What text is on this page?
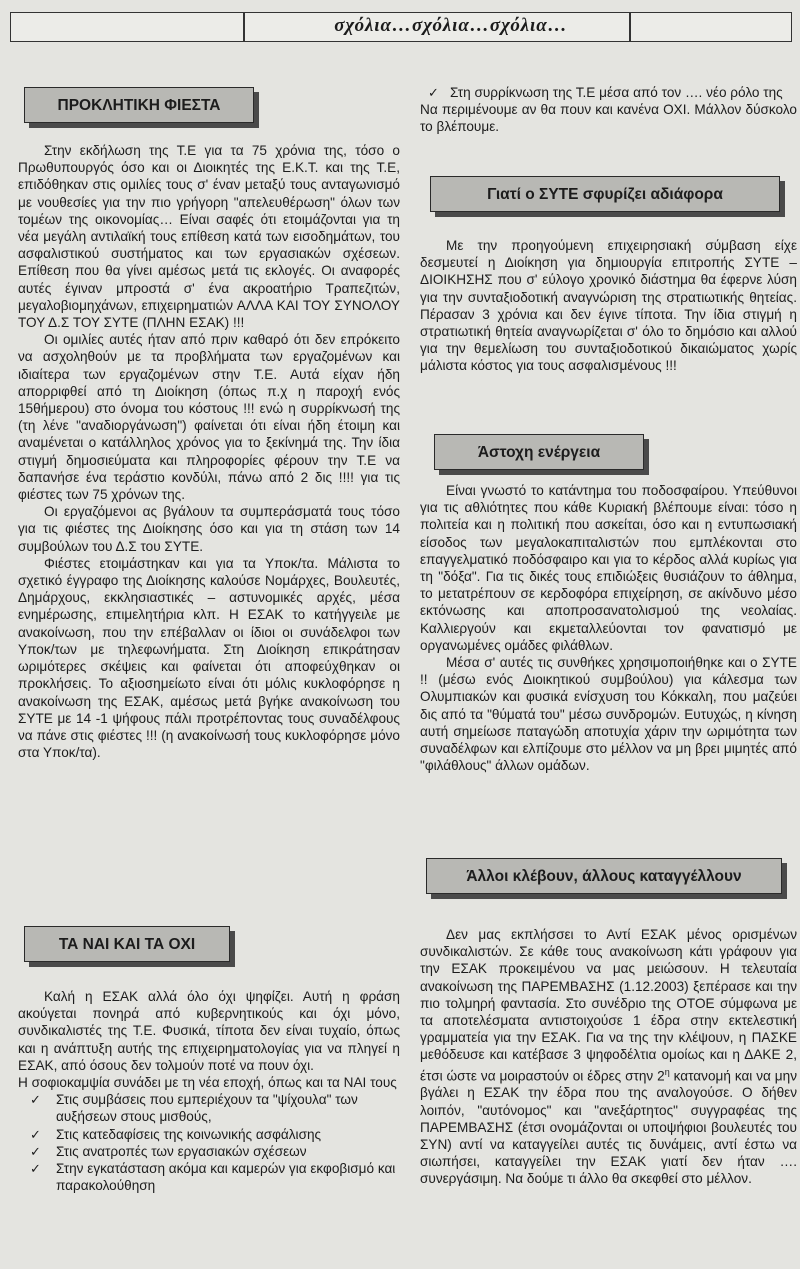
σχόλια…σχόλια…σχόλια…
ΠΡΟΚΛΗΤΙΚΗ ΦΙΕΣΤΑ

Στην εκδήλωση της Τ.Ε για τα 75 χρόνια της, τόσο ο Πρωθυπουργός όσο και οι Διοικητές της Ε.Κ.Τ. και της Τ.Ε, επιδόθηκαν στις ομιλίες τους σ' έναν μεταξύ τους ανταγωνισμό με νουθεσίες για την πιο γρήγορη "απελευθέρωση" όλων των τομέων της οικονομίας… Είναι σαφές ότι ετοιμάζονται για τη νέα μεγάλη αντιλαϊκή τους επίθεση κατά των εισοδημάτων, του ασφαλιστικού συστήματος και των εργασιακών σχέσεων. Επίθεση που θα γίνει αμέσως μετά τις εκλογές. Οι αναφορές αυτές έγιναν μπροστά σ' ένα ακροατήριο Τραπεζιτών, μεγαλοβιομηχάνων, επιχειρηματιών ΑΛΛΑ ΚΑΙ ΤΟΥ ΣΥΝΟΛΟΥ ΤΟΥ Δ.Σ ΤΟΥ ΣΥΤΕ (ΠΛΗΝ ΕΣΑΚ) !!!

Οι ομιλίες αυτές ήταν από πριν καθαρό ότι δεν επρόκειτο να ασχοληθούν με τα προβλήματα των εργαζομένων και ιδιαίτερα των εργαζομένων στην Τ.Ε. Αυτά είχαν ήδη απορριφθεί από τη Διοίκηση (όπως π.χ η παροχή ενός 15θήμερου) στο όνομα του κόστους !!! ενώ η συρρίκνωσή της (τη λένε "αναδιοργάνωση") φαίνεται ότι είναι ήδη έτοιμη και αναμένεται ο κατάλληλος χρόνος για το ξεκίνημά της. Την ίδια στιγμή δημοσιεύματα και πληροφορίες φέρουν την Τ.Ε να δαπανήσε ένα τεράστιο κονδύλι, πάνω από 2 δις !!!! για τις φιέστες των 75 χρόνων της.

Οι εργαζόμενοι ας βγάλουν τα συμπεράσματά τους τόσο για τις φιέστες της Διοίκησης όσο και για τη στάση των 14 συμβούλων του Δ.Σ του ΣΥΤΕ.

Φιέστες ετοιμάστηκαν και για τα Υποκ/τα. Μάλιστα το σχετικό έγγραφο της Διοίκησης καλούσε Νομάρχες, Βουλευτές, Δημάρχους, εκκλησιαστικές – αστυνομικές αρχές, μέσα ενημέρωσης, επιμελητήρια κλπ. Η ΕΣΑΚ το κατήγγειλε με ανακοίνωση, που την επέβαλλαν οι ίδιοι οι συνάδελφοι των Υποκ/των με τηλεφωνήματα. Στη Διοίκηση επικράτησαν ωριμότερες σκέψεις και φαίνεται ότι αποφεύχθηκαν οι προκλήσεις. Το αξιοσημείωτο είναι ότι μόλις κυκλοφόρησε η ανακοίνωση της ΕΣΑΚ, αμέσως μετά βγήκε ανακοίνωση του ΣΥΤΕ με 14 -1 ψήφους πάλι προτρέποντας τους συναδέλφους να πάνε στις φιέστες !!! (η ανακοίνωσή τους κυκλοφόρησε μόνο στα Υποκ/τα).

ΤΑ ΝΑΙ ΚΑΙ ΤΑ ΟΧΙ

Καλή η ΕΣΑΚ αλλά όλο όχι ψηφίζει. Αυτή η φράση ακούγεται πονηρά από κυβερνητικούς και όχι μόνο, συνδικαλιστές της Τ.Ε. Φυσικά, τίποτα δεν είναι τυχαίο, όπως και η ανάπτυξη αυτής της επιχειρηματολογίας για να πληγεί η ΕΣΑΚ, από όσους δεν τολμούν ποτέ να πουν όχι.

Η σοφιοκαμψία συνάδει με τη νέα εποχή, όπως και τα ΝΑΙ τους

✓ Στις συμβάσεις που εμπεριέχουν τα "ψίχουλα" των αυξήσεων στους μισθούς,
✓ Στις κατεδαφίσεις της κοινωνικής ασφάλισης
✓ Στις ανατροπές των εργασιακών σχέσεων
✓ Στην εγκατάσταση ακόμα και καμερών για εκφοβισμό και παρακολούθηση
✓ Στη συρρίκνωση της Τ.Ε μέσα από τον …. νέο ρόλο της

Να περιμένουμε αν θα πουν και κανένα ΟΧΙ. Μάλλον δύσκολο το βλέπουμε.

Γιατί ο ΣΥΤΕ σφυρίζει αδιάφορα

Με την προηγούμενη επιχειρησιακή σύμβαση είχε δεσμευτεί η Διοίκηση για δημιουργία επιτροπής ΣΥΤΕ – ΔΙΟΙΚΗΣΗΣ που σ' εύλογο χρονικό διάστημα θα έφερνε λύση για την συνταξιοδοτική αναγνώριση της στρατιωτικής θητείας. Πέρασαν 3 χρόνια και δεν έγινε τίποτα. Την ίδια στιγμή η στρατιωτική θητεία αναγνωρίζεται σ' όλο το δημόσιο και αλλού για την θεμελίωση του συνταξιοδοτικού δικαιώματος χωρίς μάλιστα κόστος για τους ασφαλισμένους !!!

Άστοχη ενέργεια

Είναι γνωστό το κατάντημα του ποδοσφαίρου. Υπεύθυνοι για τις αθλιότητες που κάθε Κυριακή βλέπουμε είναι: τόσο η πολιτεία και η πολιτική που ασκείται, όσο και η εντυπωσιακή είσοδος των μεγαλοκαπιταλιστών που εμπλέκονται στο επαγγελματικό ποδόσφαιρο και για το κέρδος αλλά κυρίως για τη "δόξα". Για τις δικές τους επιδιώξεις θυσιάζουν το άθλημα, το μετατρέπουν σε κερδοφόρα επιχείρηση, σε ακίνδυνο μέσο εκτόνωσης και αποπροσανατολισμού της νεολαίας. Καλλιεργούν και εκμεταλλεύονται τον φανατισμό με οργανωμένες ομάδες φιλάθλων.

Μέσα σ' αυτές τις συνθήκες χρησιμοποιήθηκε και ο ΣΥΤΕ !! (μέσω ενός Διοικητικού συμβούλου) για κάλεσμα των Ολυμπιακών και φυσικά ενίσχυση του Κόκκαλη, που μαζεύει δις από τα "θύματά του" μέσω συνδρομών. Ευτυχώς, η κίνηση αυτή σημείωσε παταγώδη αποτυχία χάριν την ωριμότητα των συναδέλφων και ελπίζουμε στο μέλλον να μη βρει μιμητές από "φιλάθλους" άλλων ομάδων.

Άλλοι κλέβουν, άλλους καταγγέλλουν

Δεν μας εκπλήσσει το Αντί ΕΣΑΚ μένος ορισμένων συνδικαλιστών. Σε κάθε τους ανακοίνωση κάτι γράφουν για την ΕΣΑΚ προκειμένου να μας μειώσουν. Η τελευταία ανακοίνωση της ΠΑΡΕΜΒΑΣΗΣ (1.12.2003) ξεπέρασε και την πιο τολμηρή φαντασία. Στο συνέδριο της ΟΤΟΕ σύμφωνα με τα αποτελέσματα αντιστοιχούσε 1 έδρα στην εκτελεστική γραμματεία για την ΕΣΑΚ. Για να της την κλέψουν, η ΠΑΣΚΕ μεθόδευσε και κατέβασε 3 ψηφοδέλτια ομοίως και η ΔΑΚΕ 2, έτσι ώστε να μοιραστούν οι έδρες στην $2^\eta$ κατανομή και να μην βγάλει η ΕΣΑΚ την έδρα που της αναλογούσε. Ο δήθεν λοιπόν, "αυτόνομος" και "ανεξάρτητος" συγγραφέας της ΠΑΡΕΜΒΑΣΗΣ (έτσι ονομάζονται οι υποψήφιοι βουλευτές του ΣΥΝ) αντί να καταγγείλει αυτές τις δυνάμεις, αντί έστω να σιωπήσει, καταγγείλει την ΕΣΑΚ γιατί δεν ήταν …. συνεργάσιμη. Να δούμε τι άλλο θα σκεφθεί στο μέλλον.
